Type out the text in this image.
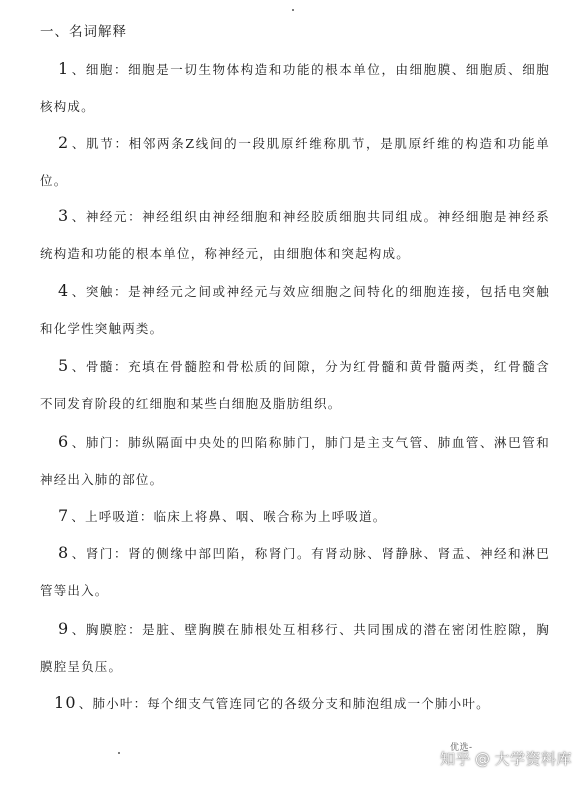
一、名词解释
1 、细胞：细胞是一切生物体构造和功能的根本单位，由细胞膜、细胞质、细胞核构成。
2 、肌节：相邻两条Z线间的一段肌原纤维称肌节，是肌原纤维的构造和功能单位。
3 、神经元：神经组织由神经细胞和神经胶质细胞共同组成。神经细胞是神经系统构造和功能的根本单位，称神经元，由细胞体和突起构成。
4 、突触：是神经元之间或神经元与效应细胞之间特化的细胞连接，包括电突触和化学性突触两类。
5 、骨髓：充填在骨髓腔和骨松质的间隙，分为红骨髓和黄骨髓两类，红骨髓含不同发育阶段的红细胞和某些白细胞及脂肪组织。
6 、肺门：肺纵隔面中央处的凹陷称肺门，肺门是主支气管、肺血管、淋巴管和神经出入肺的部位。
7 、上呼吸道：临床上将鼻、咽、喉合称为上呼吸道。
8 、肾门：肾的侧缘中部凹陷，称肾门。有肾动脉、肾静脉、肾盂、神经和淋巴管等出入。
9 、胸膜腔：是脏、壁胸膜在肺根处互相移行、共同围成的潜在密闭性腔隙，胸膜腔呈负压。
10 、肺小叶：每个细支气管连同它的各级分支和肺泡组成一个肺小叶。
优选-
知乎 @ 大学资料库
